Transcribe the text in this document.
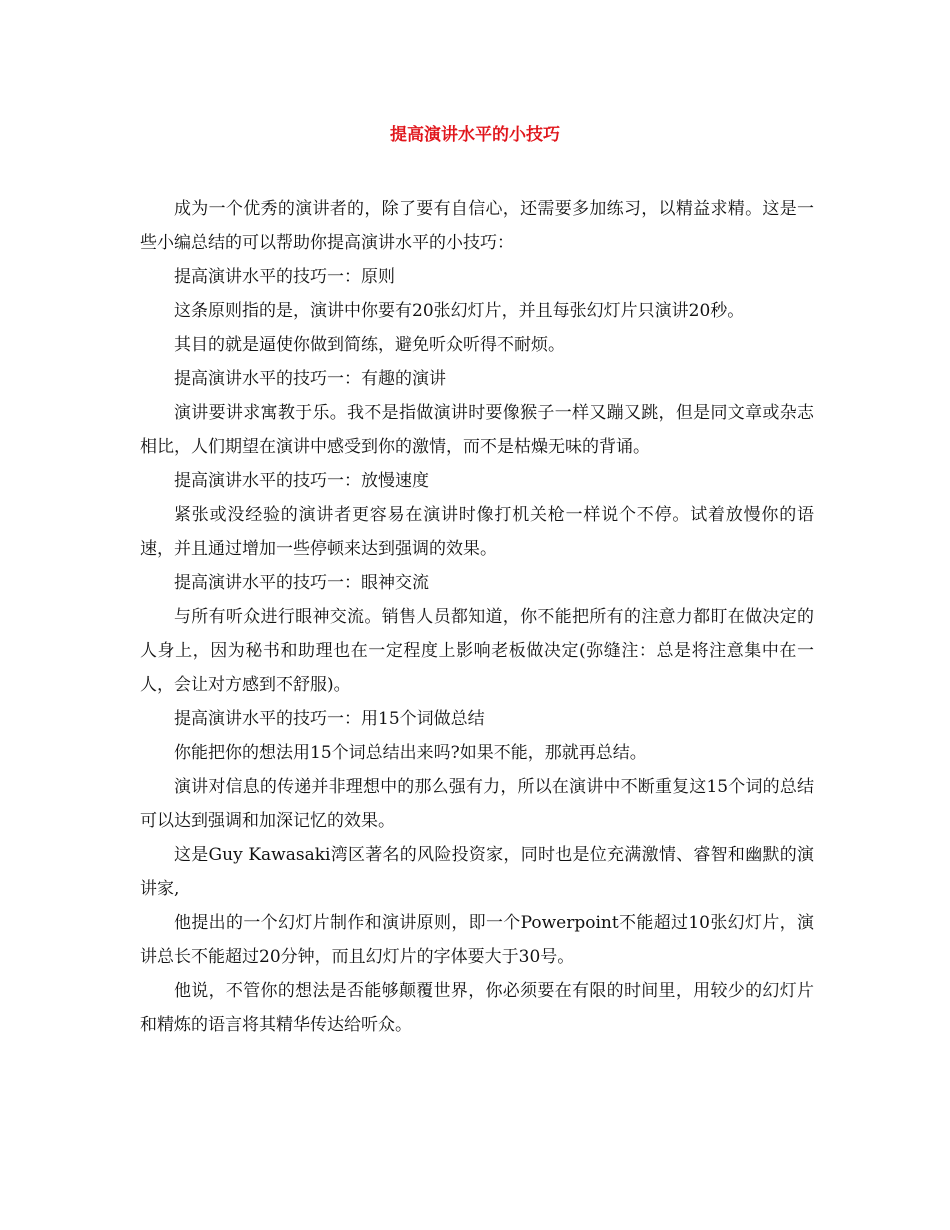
提高演讲水平的小技巧

成为一个优秀的演讲者的，除了要有自信心，还需要多加练习，以精益求精。这是一些小编总结的可以帮助你提高演讲水平的小技巧：

提高演讲水平的技巧一：原则

这条原则指的是，演讲中你要有20张幻灯片，并且每张幻灯片只演讲20秒。

其目的就是逼使你做到简练，避免听众听得不耐烦。

提高演讲水平的技巧一：有趣的演讲

演讲要讲求寓教于乐。我不是指做演讲时要像猴子一样又蹦又跳，但是同文章或杂志相比，人们期望在演讲中感受到你的激情，而不是枯燥无味的背诵。

提高演讲水平的技巧一：放慢速度

紧张或没经验的演讲者更容易在演讲时像打机关枪一样说个不停。试着放慢你的语速，并且通过增加一些停顿来达到强调的效果。

提高演讲水平的技巧一：眼神交流

与所有听众进行眼神交流。销售人员都知道，你不能把所有的注意力都盯在做决定的人身上，因为秘书和助理也在一定程度上影响老板做决定(弥缝注：总是将注意集中在一人，会让对方感到不舒服)。

提高演讲水平的技巧一：用15个词做总结

你能把你的想法用15个词总结出来吗?如果不能，那就再总结。

演讲对信息的传递并非理想中的那么强有力，所以在演讲中不断重复这15个词的总结可以达到强调和加深记忆的效果。

这是Guy Kawasaki湾区著名的风险投资家，同时也是位充满激情、睿智和幽默的演讲家,

他提出的一个幻灯片制作和演讲原则，即一个Powerpoint不能超过10张幻灯片，演讲总长不能超过20分钟，而且幻灯片的字体要大于30号。

他说，不管你的想法是否能够颠覆世界，你必须要在有限的时间里，用较少的幻灯片和精炼的语言将其精华传达给听众。
